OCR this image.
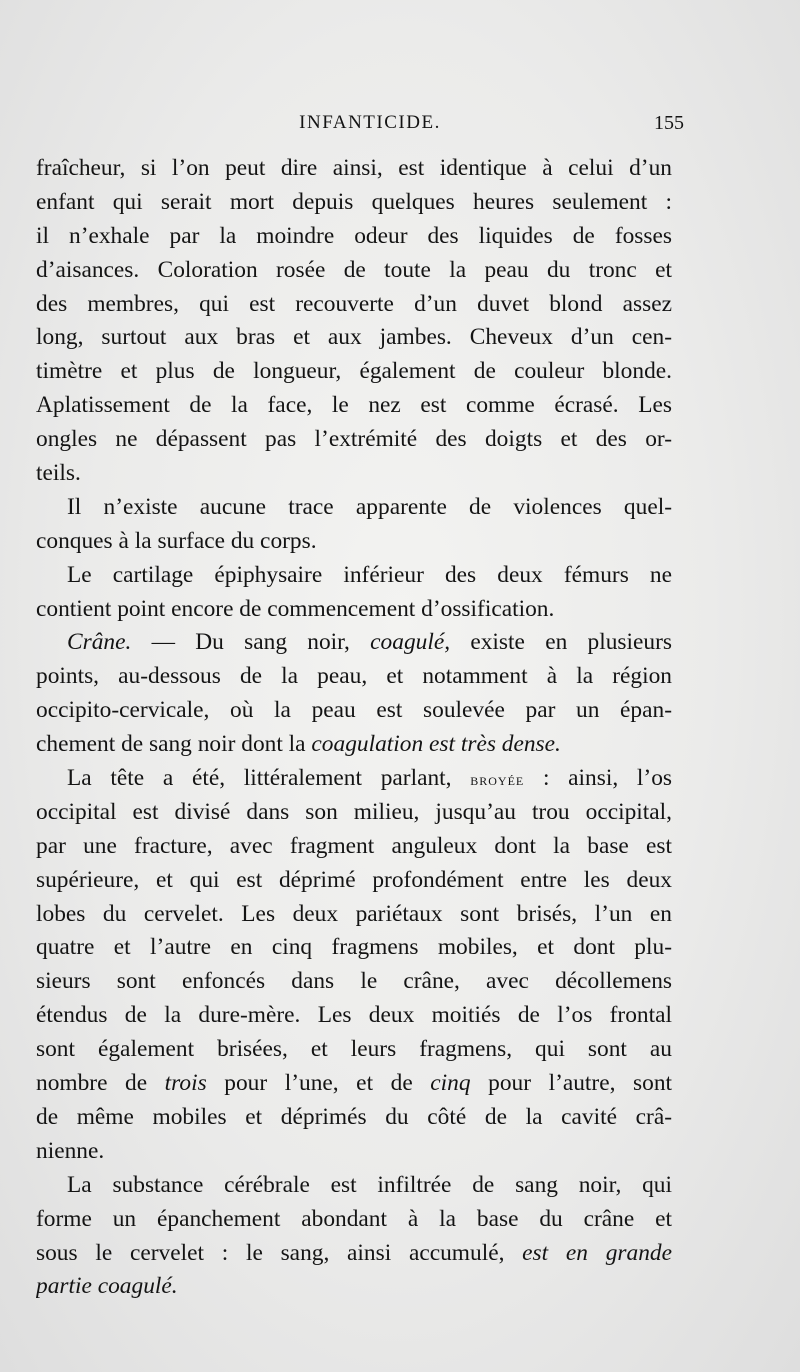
INFANTICIDE.	155
fraîcheur, si l’on peut dire ainsi, est identique à celui d’un
enfant qui serait mort depuis quelques heures seulement :
il n’exhale par la moindre odeur des liquides de fosses
d’aisances. Coloration rosée de toute la peau du tronc et
des membres, qui est recouverte d’un duvet blond assez
long, surtout aux bras et aux jambes. Cheveux d’un cen-
timètre et plus de longueur, également de couleur blonde.
Aplatissement de la face, le nez est comme écrasé. Les
ongles ne dépassent pas l’extrémité des doigts et des or-
teils.
Il n’existe aucune trace apparente de violences quel-
conques à la surface du corps.
Le cartilage épiphysaire inférieur des deux fémurs ne
contient point encore de commencement d’ossification.
Crâne. — Du sang noir, coagulé, existe en plusieurs
points, au-dessous de la peau, et notamment à la région
occipito-cervicale, où la peau est soulevée par un épan-
chement de sang noir dont la coagulation est très dense.
La tête a été, littéralement parlant, broyée : ainsi, l’os
occipital est divisé dans son milieu, jusqu’au trou occipital,
par une fracture, avec fragment anguleux dont la base est
supérieure, et qui est déprimé profondément entre les deux
lobes du cervelet. Les deux pariétaux sont brisés, l’un en
quatre et l’autre en cinq fragmens mobiles, et dont plu-
sieurs sont enfoncés dans le crâne, avec décollemens
étendus de la dure-mère. Les deux moitiés de l’os frontal
sont également brisées, et leurs fragmens, qui sont au
nombre de trois pour l’une, et de cinq pour l’autre, sont
de même mobiles et déprimés du côté de la cavité crâ-
nienne.
La substance cérébrale est infiltrée de sang noir, qui
forme un épanchement abondant à la base du crâne et
sous le cervelet : le sang, ainsi accumulé, est en grande
partie coagulé.
